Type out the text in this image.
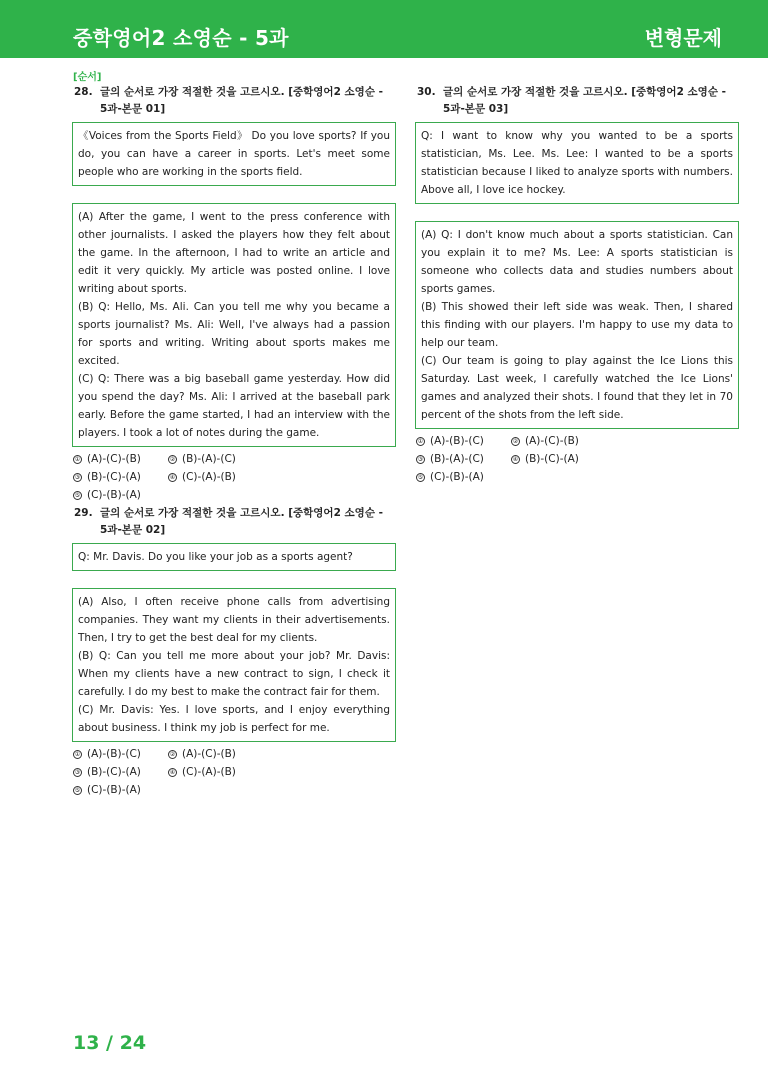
중학영어2 소영순 - 5과	변형문제
[순서]
28. 글의 순서로 가장 적절한 것을 고르시오. [중학영어2 소영순 -
5과-본문 01]

《Voices from the Sports Field》 Do you love sports? If you do, you can have a career in sports. Let's meet some people who are working in the sports field.

(A) After the game, I went to the press conference with other journalists. I asked the players how they felt about the game. In the afternoon, I had to write an article and edit it very quickly. My article was posted online. I love writing about sports.

(B) Q: Hello, Ms. Ali. Can you tell me why you became a sports journalist? Ms. Ali: Well, I've always had a passion for sports and writing. Writing about sports makes me excited.

(C) Q: There was a big baseball game yesterday. How did you spend the day? Ms. Ali: I arrived at the baseball park early. Before the game started, I had an interview with the players. I took a lot of notes during the game.

① (A)-(C)-(B)	② (B)-(A)-(C)
③ (B)-(C)-(A)	④ (C)-(A)-(B)
⑤ (C)-(B)-(A)
29. 글의 순서로 가장 적절한 것을 고르시오. [중학영어2 소영순 -
5과-본문 02]

Q: Mr. Davis. Do you like your job as a sports agent?

(A) Also, I often receive phone calls from advertising companies. They want my clients in their advertisements. Then, I try to get the best deal for my clients.

(B) Q: Can you tell me more about your job? Mr. Davis: When my clients have a new contract to sign, I check it carefully. I do my best to make the contract fair for them.

(C) Mr. Davis: Yes. I love sports, and I enjoy everything about business. I think my job is perfect for me.

① (A)-(B)-(C)	② (A)-(C)-(B)
③ (B)-(C)-(A)	④ (C)-(A)-(B)
⑤ (C)-(B)-(A)
30. 글의 순서로 가장 적절한 것을 고르시오. [중학영어2 소영순 -
5과-본문 03]

Q: I want to know why you wanted to be a sports statistician, Ms. Lee. Ms. Lee: I wanted to be a sports statistician because I liked to analyze sports with numbers. Above all, I love ice hockey.

(A) Q: I don't know much about a sports statistician. Can you explain it to me? Ms. Lee: A sports statistician is someone who collects data and studies numbers about sports games.

(B) This showed their left side was weak. Then, I shared this finding with our players. I'm happy to use my data to help our team.

(C) Our team is going to play against the Ice Lions this Saturday. Last week, I carefully watched the Ice Lions' games and analyzed their shots. I found that they let in 70 percent of the shots from the left side.

① (A)-(B)-(C)	② (A)-(C)-(B)
③ (B)-(A)-(C)	④ (B)-(C)-(A)
⑤ (C)-(B)-(A)
13 / 24
